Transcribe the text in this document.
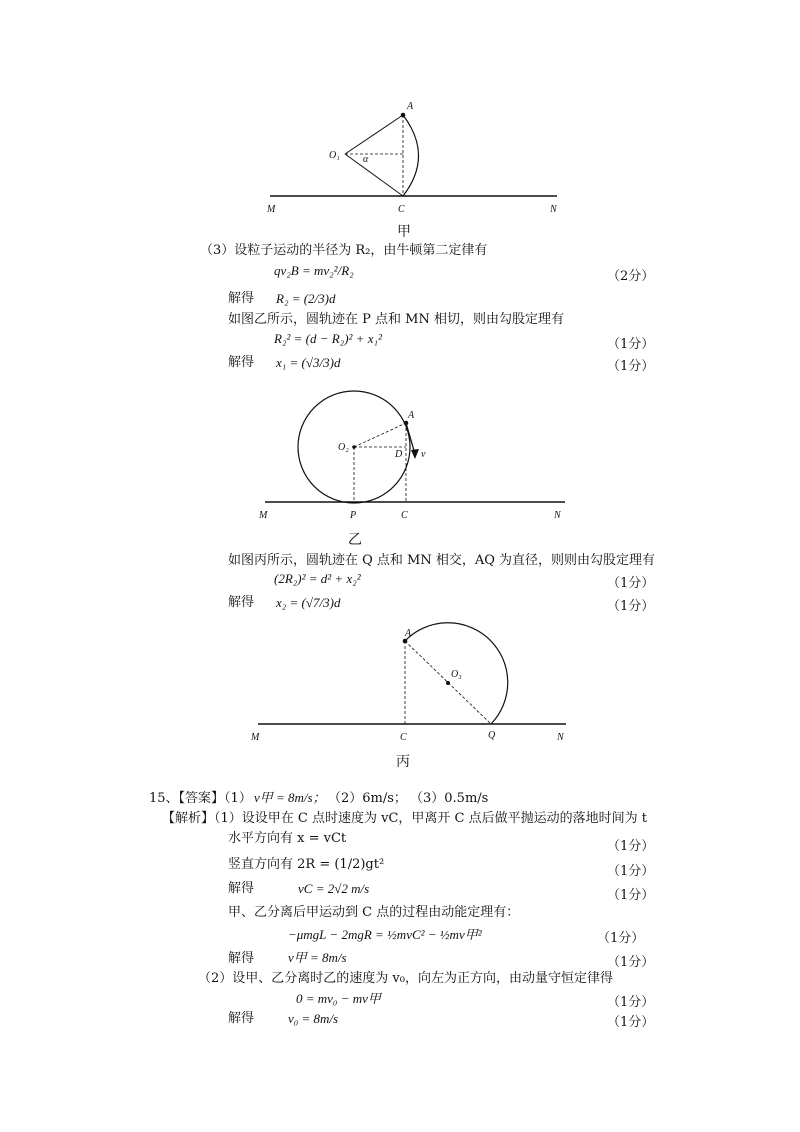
A
O₁ α
M	C	N
甲
（3）设粒子运动的半径为 R₂，由牛顿第二定律有
qv₂B = mv₂²/R₂	（2分）
解得 R₂ = (2/3)d
如图乙所示，圆轨迹在 P 点和 MN 相切，则由勾股定理有
R₂² = (d − R₂)² + x₁²	（1分）
解得 x₁ = (√3/3)d	（1分）
A
O₂
D v
M	P	C	N
乙
如图丙所示，圆轨迹在 Q 点和 MN 相交，AQ 为直径，则则由勾股定理有
(2R₂)² = d² + x₂²	（1分）
解得 x₂ = (√7/3)d	（1分）
A
O₃
M	C	Q	N
丙
15、【答案】（1） v甲 = 8m/s； （2）6m/s； （3）0.5m/s
【解析】（1）设设甲在 C 点时速度为 vC，甲离开 C 点后做平抛运动的落地时间为 t
水平方向有 x = vCt
（1分）
竖直方向有 2R = (1/2)gt²	（1分）
解得	vC = 2√2 m/s	（1分）
甲、乙分离后甲运动到 C 点的过程由动能定理有：
−μmgL − 2mgR = ½mvC² − ½mv甲²	（1分）
解得	v甲 = 8m/s	（1分）
（2）设甲、乙分离时乙的速度为 v₀，向左为正方向，由动量守恒定律得
0 = mv₀ − mv甲	（1分）
解得	v₀ = 8m/s	（1分）
